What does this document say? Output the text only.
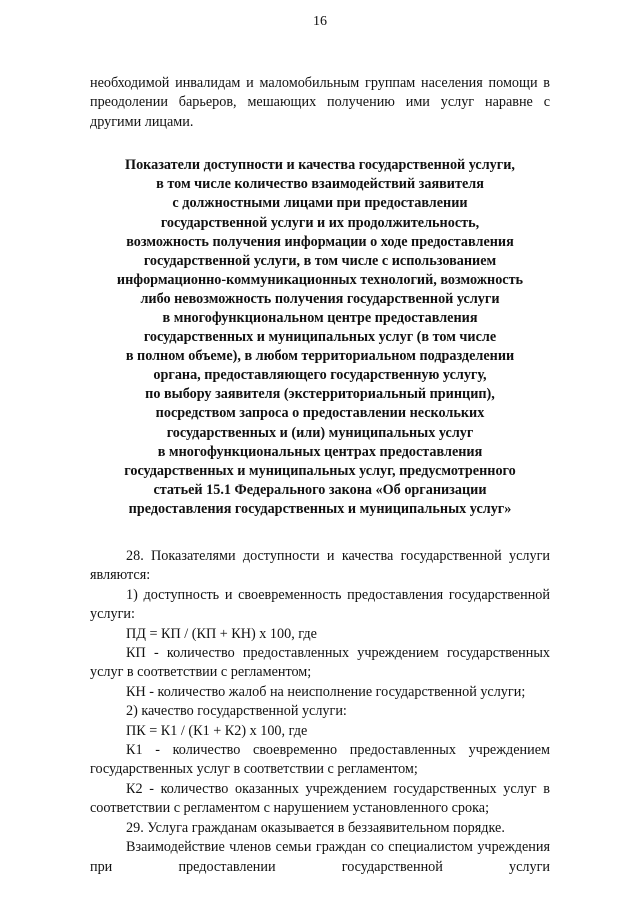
16

необходимой инвалидам и маломобильным группам населения помощи в преодолении барьеров, мешающих получению ими услуг наравне с другими лицами.

Показатели доступности и качества государственной услуги,
в том числе количество взаимодействий заявителя
с должностными лицами при предоставлении
государственной услуги и их продолжительность,
возможность получения информации о ходе предоставления
государственной услуги, в том числе с использованием
информационно-коммуникационных технологий, возможность
либо невозможность получения государственной услуги
в многофункциональном центре предоставления
государственных и муниципальных услуг (в том числе
в полном объеме), в любом территориальном подразделении
органа, предоставляющего государственную услугу,
по выбору заявителя (экстерриториальный принцип),
посредством запроса о предоставлении нескольких
государственных и (или) муниципальных услуг
в многофункциональных центрах предоставления
государственных и муниципальных услуг, предусмотренного
статьей 15.1 Федерального закона «Об организации
предоставления государственных и муниципальных услуг»

28. Показателями доступности и качества государственной услуги являются:

1) доступность и своевременность предоставления государственной услуги:

ПД = КП / (КП + КН) х 100, где

КП - количество предоставленных учреждением государственных услуг в соответствии с регламентом;

КН - количество жалоб на неисполнение государственной услуги;

2) качество государственной услуги:

ПК = К1 / (К1 + К2) х 100, где

К1 - количество своевременно предоставленных учреждением государственных услуг в соответствии с регламентом;

К2 - количество оказанных учреждением государственных услуг в соответствии с регламентом с нарушением установленного срока;

29. Услуга гражданам оказывается в беззаявительном порядке.

Взаимодействие членов семьи граждан со специалистом учреждения при предоставлении государственной услуги
